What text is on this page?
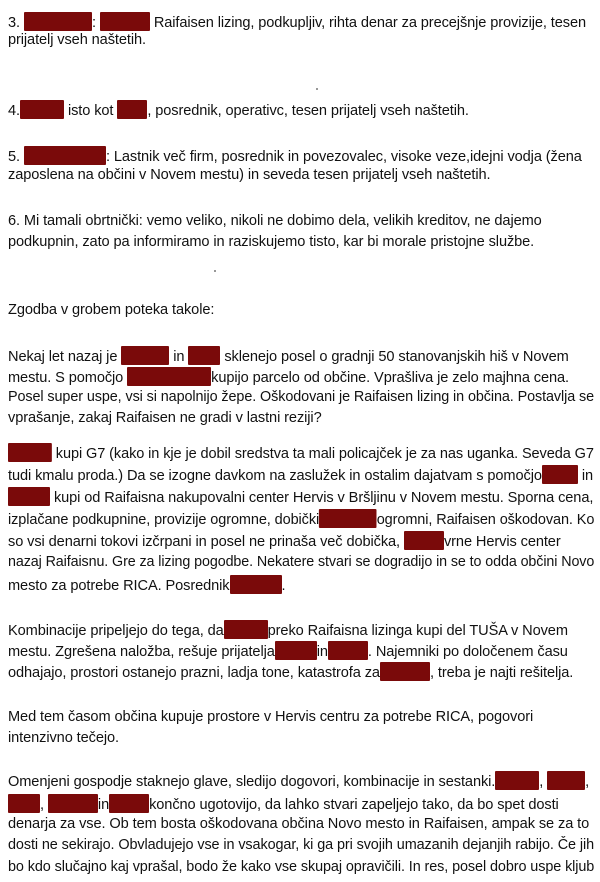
3.	:	Raifaisen lizing, podkupljiv, rihta denar za precejšnje provizije, tesen
prijatelj vseh naštetih.
4.	isto kot , posrednik, operativc, tesen prijatelj vseh naštetih.
5.	: Lastnik več firm, posrednik in povezovalec, visoke veze,idejni vodja (žena
zaposlena na občini v Novem mestu) in seveda tesen prijatelj vseh naštetih.
6. Mi tamali obrtnički: vemo veliko, nikoli ne dobimo dela, velikih kreditov, ne dajemo
podkupnin, zato pa informiramo in raziskujemo tisto, kar bi morale pristojne službe.
Zgodba v grobem poteka takole:
Nekaj let nazaj je	in  sklenejo posel o gradnji 50 stanovanjskih hiš v Novem
mestu. S pomočjo	kupijo parcelo od občine. Vprašliva je zelo majhna cena.
Posel super uspe, vsi si napolnijo žepe. Oškodovani je Raifaisen lizing in občina. Postavlja se
vprašanje, zakaj Raifaisen ne gradi v lastni reziji?
kupi G7 (kako in kje je dobil sredstva ta mali policajček je za nas uganka. Seveda G7
tudi kmalu proda.) Da se izogne davkom na zaslužek in ostalim dajatvam s pomočjo in
kupi od Raifaisna nakupovalni center Hervis v Bršljinu v Novem mestu. Sporna cena,
izplačane podkupnine, provizije ogromne, dobički	ogromni, Raifaisen oškodovan. Ko
so vsi denarni tokovi izčrpani in posel ne prinaša več dobička,	vrne Hervis center
nazaj Raifaisnu. Gre za lizing pogodbe. Nekatere stvari se dogradijo in se to odda občini Novo
mesto za potrebe RICA. Posrednik	.
Kombinacije pripeljejo do tega, da	preko Raifaisna lizinga kupi del TUŠA v Novem
mestu. Zgrešena naložba, rešuje prijatelja	in	. Najemniki po določenem času
odhajajo, prostori ostanejo prazni, ladja tone, katastrofa za	, treba je najti rešitelja.
Med tem časom občina kupuje prostore v Hervis centru za potrebe RICA, pogovori
intenzivno tečejo.
Omenjeni gospodje staknejo glave, sledijo dogovori, kombinacije in sestanki.	,	,
,	in	končno ugotovijo, da lahko stvari zapeljejo tako, da bo spet dosti
denarja za vse. Ob tem bosta oškodovana občina Novo mesto in Raifaisen, ampak se za to
dosti ne sekirajo. Obvladujejo vse in vsakogar, ki ga pri svojih umazanih dejanjih rabijo. Če jih
bo kdo slučajno kaj vprašal, bodo že kako vse skupaj opravičili. In res, posel dobro uspe kljub
